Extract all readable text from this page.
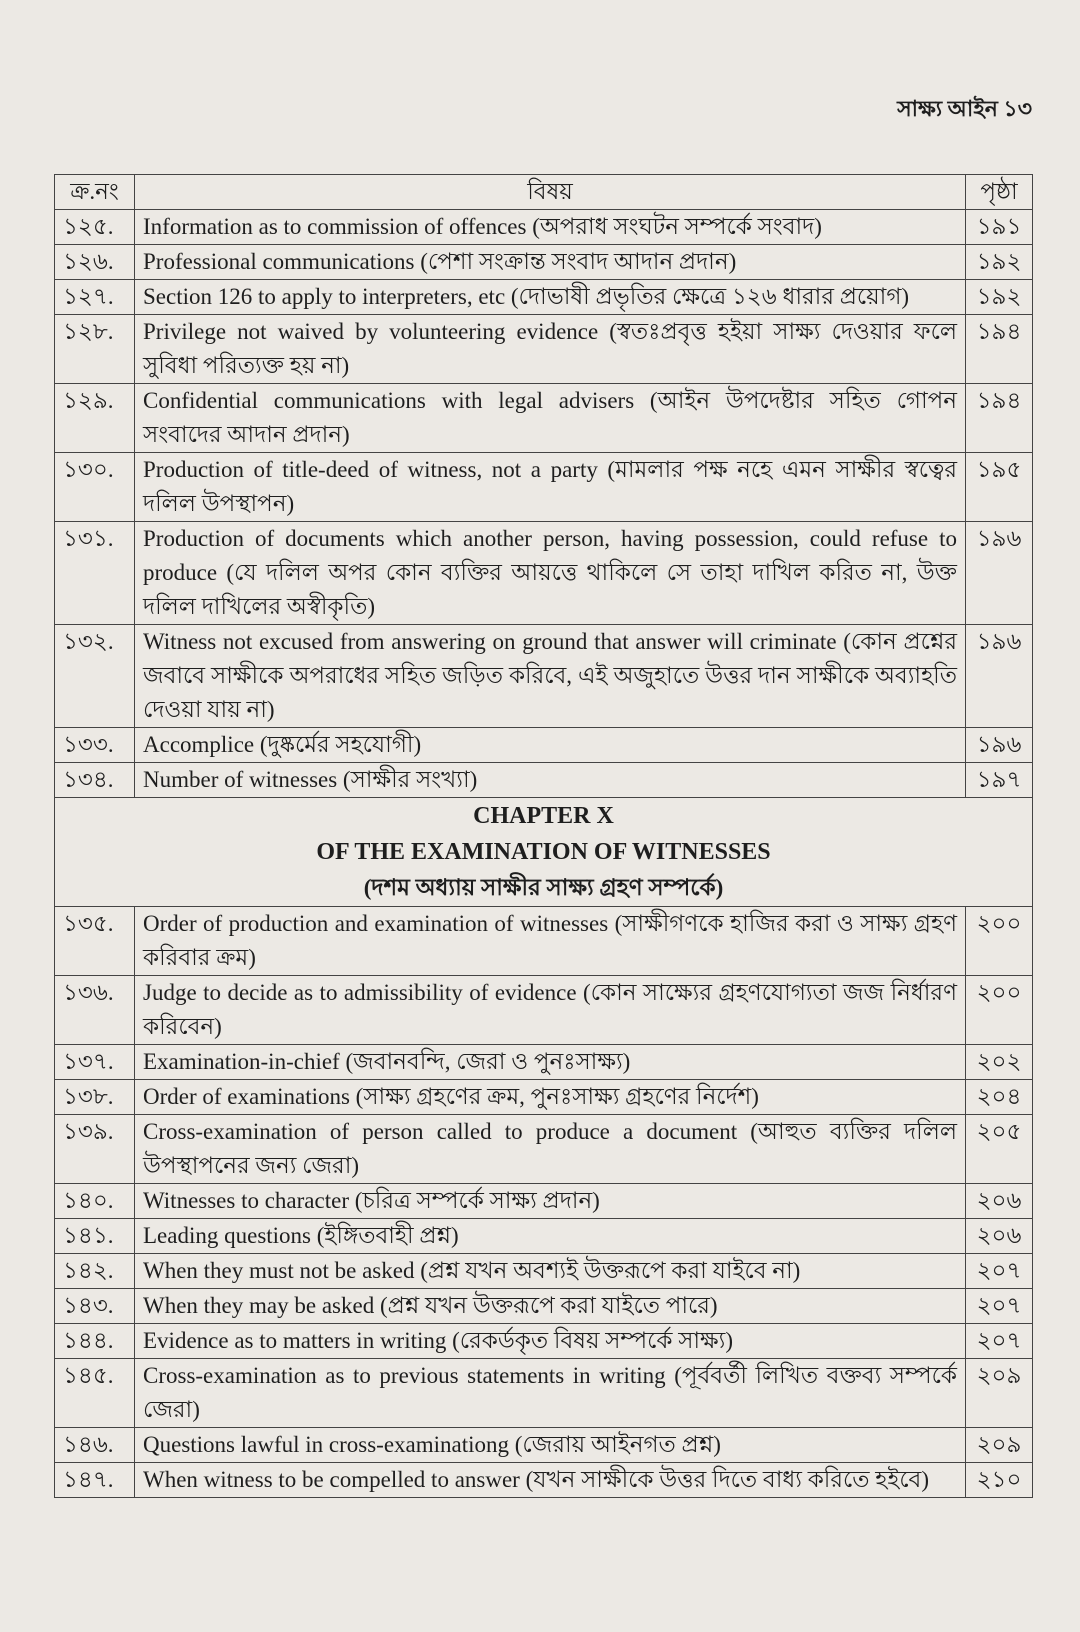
সাক্ষ্য আইন ১৩
ক্র.নং	বিষয়	পৃষ্ঠা
১২৫.	Information as to commission of offences (অপরাধ সংঘটন সম্পর্কে সংবাদ)	১৯১
১২৬.	Professional communications (পেশা সংক্রান্ত সংবাদ আদান প্রদান)	১৯২
১২৭.	Section 126 to apply to interpreters, etc (দোভাষী প্রভৃতির ক্ষেত্রে ১২৬ ধারার প্রয়োগ)	১৯২
১২৮.	Privilege not waived by volunteering evidence (স্বতঃপ্রবৃত্ত হইয়া সাক্ষ্য দেওয়ার ফলে সুবিধা পরিত্যক্ত হয় না)	১৯৪
১২৯.	Confidential communications with legal advisers (আইন উপদেষ্টার সহিত গোপন সংবাদের আদান প্রদান)	১৯৪
১৩০.	Production of title-deed of witness, not a party (মামলার পক্ষ নহে এমন সাক্ষীর স্বত্বের দলিল উপস্থাপন)	১৯৫
১৩১.	Production of documents which another person, having possession, could refuse to produce (যে দলিল অপর কোন ব্যক্তির আয়ত্তে থাকিলে সে তাহা দাখিল করিত না, উক্ত দলিল দাখিলের অস্বীকৃতি)	১৯৬
১৩২.	Witness not excused from answering on ground that answer will criminate (কোন প্রশ্নের জবাবে সাক্ষীকে অপরাধের সহিত জড়িত করিবে, এই অজুহাতে উত্তর দান সাক্ষীকে অব্যাহতি দেওয়া যায় না)	১৯৬
১৩৩.	Accomplice (দুষ্কর্মের সহযোগী)	১৯৬
১৩৪.	Number of witnesses (সাক্ষীর সংখ্যা)	১৯৭

CHAPTER X
OF THE EXAMINATION OF WITNESSES
(দশম অধ্যায় সাক্ষীর সাক্ষ্য গ্রহণ সম্পর্কে)		

১৩৫.	Order of production and examination of witnesses (সাক্ষীগণকে হাজির করা ও সাক্ষ্য গ্রহণ করিবার ক্রম)	২০০
১৩৬.	Judge to decide as to admissibility of evidence (কোন সাক্ষ্যের গ্রহণযোগ্যতা জজ নির্ধারণ করিবেন)	২০০
১৩৭.	Examination-in-chief (জবানবন্দি, জেরা ও পুনঃসাক্ষ্য)	২০২
১৩৮.	Order of examinations (সাক্ষ্য গ্রহণের ক্রম, পুনঃসাক্ষ্য গ্রহণের নির্দেশ)	২০৪
১৩৯.	Cross-examination of person called to produce a document (আহুত ব্যক্তির দলিল উপস্থাপনের জন্য জেরা)	২০৫
১৪০.	Witnesses to character (চরিত্র সম্পর্কে সাক্ষ্য প্রদান)	২০৬
১৪১.	Leading questions (ইঙ্গিতবাহী প্রশ্ন)	২০৬
১৪২.	When they must not be asked (প্রশ্ন যখন অবশ্যই উক্তরূপে করা যাইবে না)	২০৭
১৪৩.	When they may be asked (প্রশ্ন যখন উক্তরূপে করা যাইতে পারে)	২০৭
১৪৪.	Evidence as to matters in writing (রেকর্ডকৃত বিষয় সম্পর্কে সাক্ষ্য)	২০৭
১৪৫.	Cross-examination as to previous statements in writing (পূর্ববর্তী লিখিত বক্তব্য সম্পর্কে জেরা)	২০৯
১৪৬.	Questions lawful in cross-examinationg (জেরায় আইনগত প্রশ্ন)	২০৯
১৪৭.	When witness to be compelled to answer (যখন সাক্ষীকে উত্তর দিতে বাধ্য করিতে হইবে)	২১০
